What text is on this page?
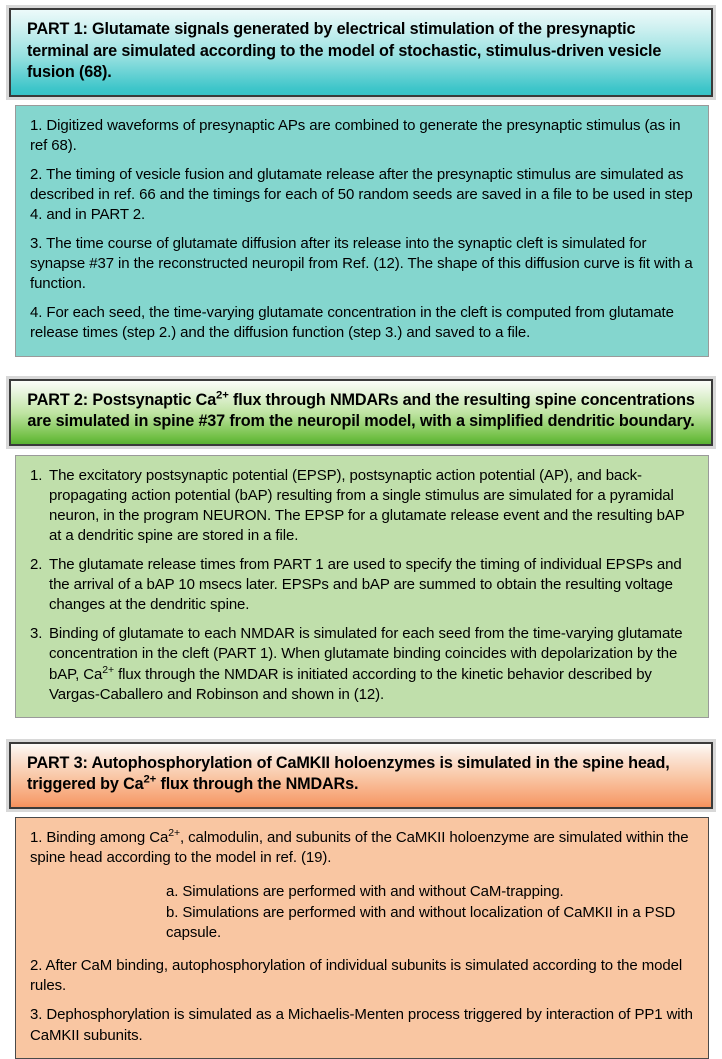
PART 1: Glutamate signals generated by electrical stimulation of the presynaptic terminal are simulated according to the model of stochastic, stimulus-driven vesicle fusion (68).

1. Digitized waveforms of presynaptic APs are combined to generate the presynaptic stimulus (as in ref 68).

2. The timing of vesicle fusion and glutamate release after the presynaptic stimulus are simulated as described in ref. 66 and the timings for each of 50 random seeds are saved in a file to be used in step 4. and in PART 2.

3. The time course of glutamate diffusion after its release into the synaptic cleft is simulated for synapse #37 in the reconstructed neuropil from Ref. (12). The shape of this diffusion curve is fit with a function.

4. For each seed, the time-varying glutamate concentration in the cleft is computed from glutamate release times (step 2.) and the diffusion function (step 3.) and saved to a file.

PART 2: Postsynaptic $Ca^{2+}$ flux through NMDARs and the resulting spine concentrations are simulated in spine #37 from the neuropil model, with a simplified dendritic boundary.
1. The excitatory postsynaptic potential (EPSP), postsynaptic action potential (AP), and back-propagating action potential (bAP) resulting from a single stimulus are simulated for a pyramidal neuron, in the program NEURON. The EPSP for a glutamate release event and the resulting bAP at a dendritic spine are stored in a file.
2. The glutamate release times from PART 1 are used to specify the timing of individual EPSPs and the arrival of a bAP 10 msecs later. EPSPs and bAP are summed to obtain the resulting voltage changes at the dendritic spine.
3. Binding of glutamate to each NMDAR is simulated for each seed from the time-varying glutamate concentration in the cleft (PART 1). When glutamate binding coincides with depolarization by the bAP, $Ca^{2+}$ flux through the NMDAR is initiated according to the kinetic behavior described by Vargas-Caballero and Robinson and shown in (12).
PART 3: Autophosphorylation of CaMKII holoenzymes is simulated in the spine head, triggered by $Ca^{2+}$ flux through the NMDARs.

1. Binding among $Ca^{2+}$, calmodulin, and subunits of the CaMKII holoenzyme are simulated within the spine head according to the model in ref. (19).

a. Simulations are performed with and without CaM-trapping.

b. Simulations are performed with and without localization of CaMKII in a PSD capsule.

2. After CaM binding, autophosphorylation of individual subunits is simulated according to the model rules.

3. Dephosphorylation is simulated as a Michaelis-Menten process triggered by interaction of PP1 with CaMKII subunits.
